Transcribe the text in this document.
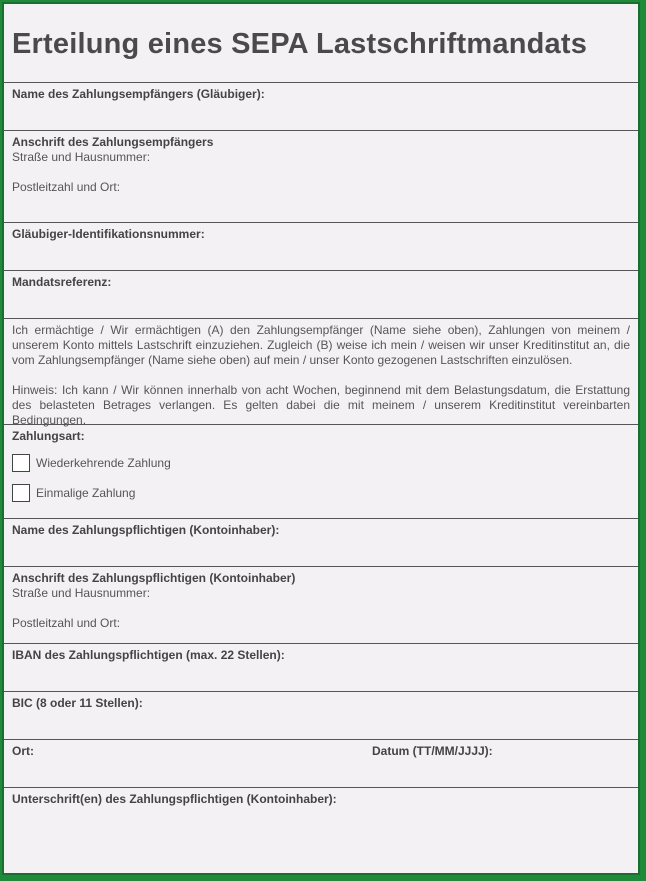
Erteilung eines SEPA Lastschriftmandats
Name des Zahlungsempfängers (Gläubiger):
Anschrift des Zahlungsempfängers
Straße und Hausnummer:
Postleitzahl und Ort:
Gläubiger-Identifikationsnummer:
Mandatsreferenz:
Ich ermächtige / Wir ermächtigen (A) den Zahlungsempfänger (Name siehe oben), Zahlungen von meinem / unserem Konto mittels Lastschrift einzuziehen. Zugleich (B) weise ich mein / weisen wir unser Kreditinstitut an, die vom Zahlungsempfänger (Name siehe oben) auf mein / unser Konto gezogenen Lastschriften einzulösen.
Hinweis: Ich kann / Wir können innerhalb von acht Wochen, beginnend mit dem Belastungsdatum, die Erstattung des belasteten Betrages verlangen. Es gelten dabei die mit meinem / unserem Kreditinstitut vereinbarten Bedingungen.
Zahlungsart:
Wiederkehrende Zahlung
Einmalige Zahlung
Name des Zahlungspflichtigen (Kontoinhaber):
Anschrift des Zahlungspflichtigen (Kontoinhaber)
Straße und Hausnummer:
Postleitzahl und Ort:
IBAN des Zahlungspflichtigen (max. 22 Stellen):
BIC (8 oder 11 Stellen):
Ort:	Datum (TT/MM/JJJJ):
Unterschrift(en) des Zahlungspflichtigen (Kontoinhaber):
